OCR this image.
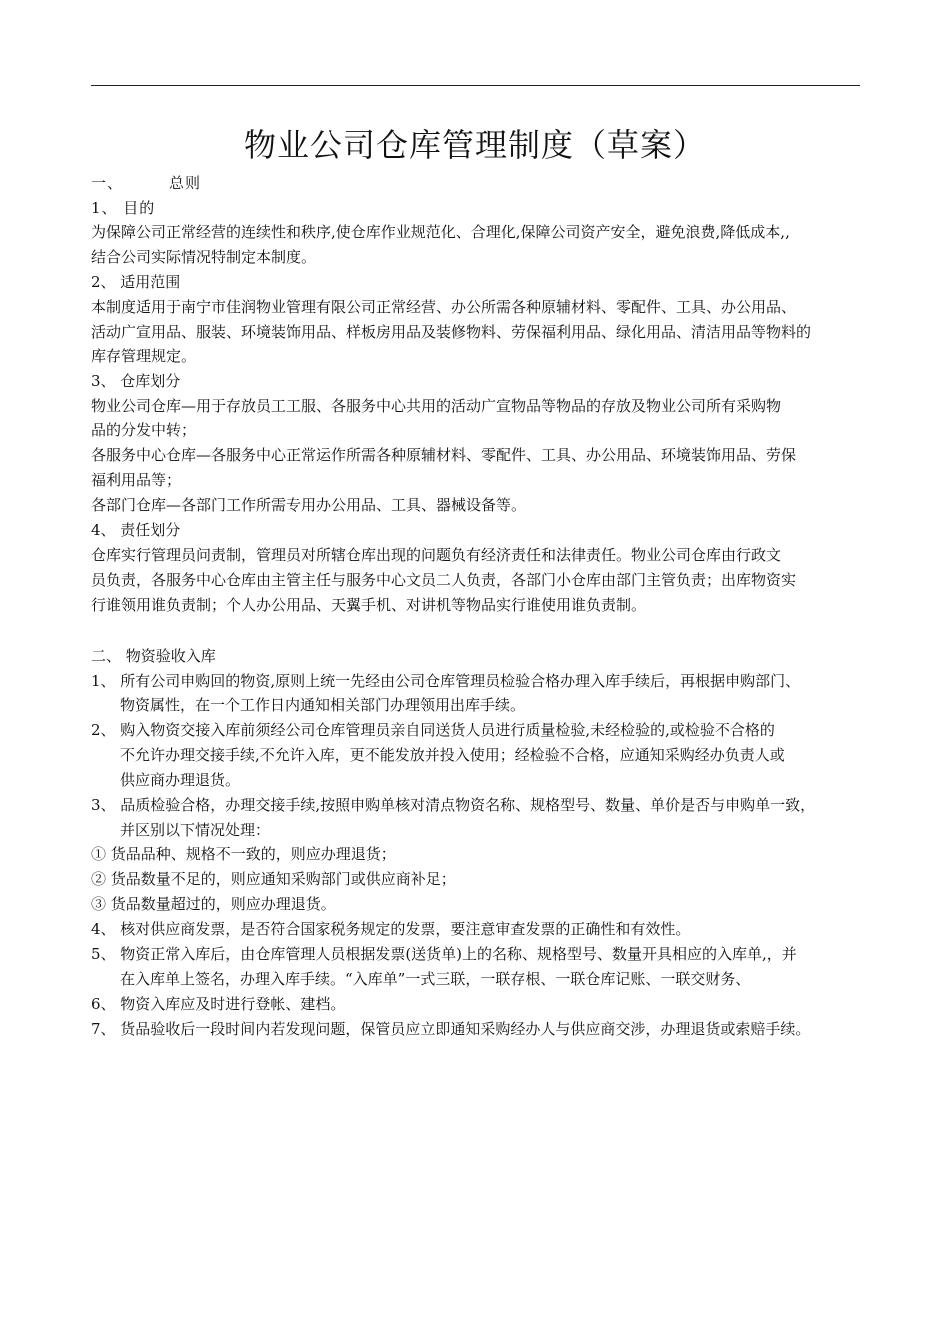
物业公司仓库管理制度（草案）
一、	总则
1、 目的
为保障公司正常经营的连续性和秩序,使仓库作业规范化、合理化,保障公司资产安全，避免浪费,降低成本,,
结合公司实际情况特制定本制度。
2、 适用范围
本制度适用于南宁市佳润物业管理有限公司正常经营、办公所需各种原辅材料、零配件、工具、办公用品、
活动广宣用品、服装、环境装饰用品、样板房用品及装修物料、劳保福利用品、绿化用品、清洁用品等物料的
库存管理规定。
3、 仓库划分
物业公司仓库—用于存放员工工服、各服务中心共用的活动广宣物品等物品的存放及物业公司所有采购物
品的分发中转；
各服务中心仓库—各服务中心正常运作所需各种原辅材料、零配件、工具、办公用品、环境装饰用品、劳保
福利用品等；
各部门仓库—各部门工作所需专用办公用品、工具、器械设备等。
4、 责任划分
仓库实行管理员问责制，管理员对所辖仓库出现的问题负有经济责任和法律责任。物业公司仓库由行政文
员负责，各服务中心仓库由主管主任与服务中心文员二人负责，各部门小仓库由部门主管负责；出库物资实
行谁领用谁负责制；个人办公用品、天翼手机、对讲机等物品实行谁使用谁负责制。
二、 物资验收入库
1、 所有公司申购回的物资,原则上统一先经由公司仓库管理员检验合格办理入库手续后，再根据申购部门、
物资属性，在一个工作日内通知相关部门办理领用出库手续。
2、 购入物资交接入库前须经公司仓库管理员亲自同送货人员进行质量检验,未经检验的,或检验不合格的
不允许办理交接手续,不允许入库，更不能发放并投入使用；经检验不合格，应通知采购经办负责人或
供应商办理退货。
3、 品质检验合格，办理交接手续,按照申购单核对清点物资名称、规格型号、数量、单价是否与申购单一致，
并区别以下情况处理：
① 货品品种、规格不一致的，则应办理退货；
② 货品数量不足的，则应通知采购部门或供应商补足；
③ 货品数量超过的，则应办理退货。
4、 核对供应商发票，是否符合国家税务规定的发票，要注意审查发票的正确性和有效性。
5、 物资正常入库后，由仓库管理人员根据发票(送货单)上的名称、规格型号、数量开具相应的入库单,，并
在入库单上签名，办理入库手续。“入库单”一式三联，一联存根、一联仓库记账、一联交财务、
6、 物资入库应及时进行登帐、建档。
7、 货品验收后一段时间内若发现问题，保管员应立即通知采购经办人与供应商交涉，办理退货或索赔手续。
